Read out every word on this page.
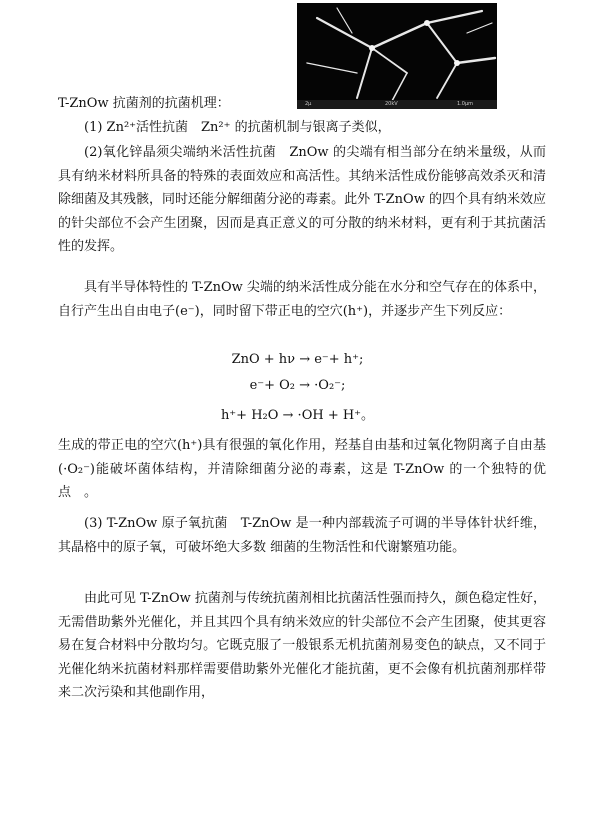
2μ	20kV	1.0μm
T-ZnOw 抗菌剂的抗菌机理：
(1) Zn²⁺活性抗菌　Zn²⁺ 的抗菌机制与银离子类似，
(2)氧化锌晶须尖端纳米活性抗菌　ZnOw 的尖端有相当部分在纳米量级，从而具有纳米材料所具备的特殊的表面效应和高活性。其纳米活性成份能够高效杀灭和清除细菌及其残骸，同时还能分解细菌分泌的毒素。此外 T-ZnOw 的四个具有纳米效应的针尖部位不会产生团聚，因而是真正意义的可分散的纳米材料，更有利于其抗菌活性的发挥。
具有半导体特性的 T-ZnOw 尖端的纳米活性成分能在水分和空气存在的体系中，自行产生出自由电子(e⁻)，同时留下带正电的空穴(h⁺)，并逐步产生下列反应：
ZnO + hν → e⁻+ h⁺;
e⁻+ O₂ → ·O₂⁻;
h⁺+ H₂O → ·OH + H⁺。
生成的带正电的空穴(h⁺)具有很强的氧化作用，羟基自由基和过氧化物阴离子自由基(·O₂⁻)能破坏菌体结构，并清除细菌分泌的毒素，这是 T-ZnOw 的一个独特的优点　。
(3) T-ZnOw 原子氧抗菌　T-ZnOw 是一种内部载流子可调的半导体针状纤维，其晶格中的原子氧，可破坏绝大多数 细菌的生物活性和代谢繁殖功能。
由此可见 T-ZnOw 抗菌剂与传统抗菌剂相比抗菌活性强而持久，颜色稳定性好，无需借助紫外光催化，并且其四个具有纳米效应的针尖部位不会产生团聚，使其更容易在复合材料中分散均匀。它既克服了一般银系无机抗菌剂易变色的缺点，又不同于光催化纳米抗菌材料那样需要借助紫外光催化才能抗菌，更不会像有机抗菌剂那样带来二次污染和其他副作用，
